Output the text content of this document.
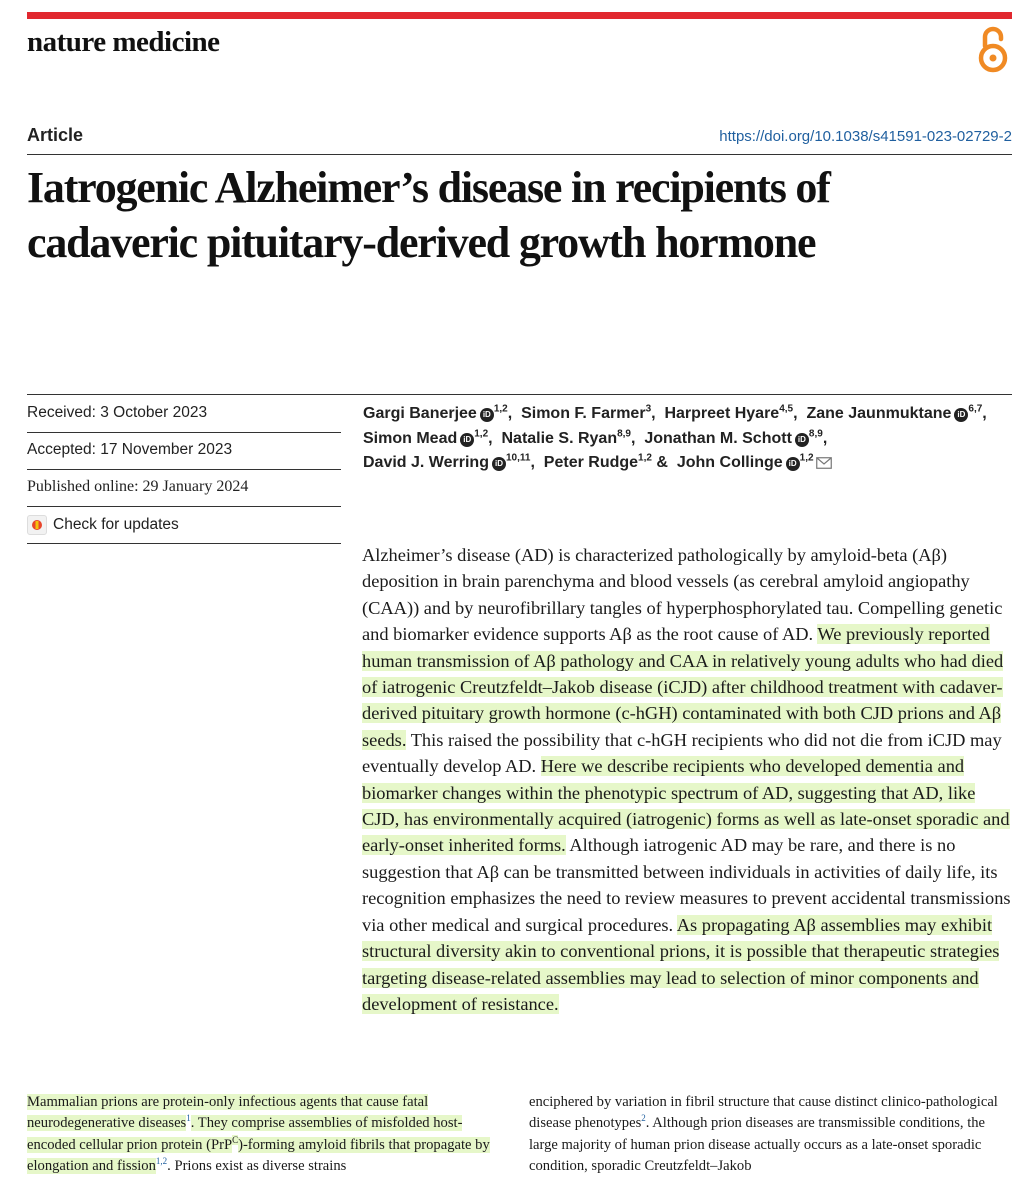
nature medicine
Article	https://doi.org/10.1038/s41591-023-02729-2
Iatrogenic Alzheimer’s disease in recipients of cadaveric pituitary-derived growth hormone
Received: 3 October 2023
Accepted: 17 November 2023
Published online: 29 January 2024
Check for updates
Gargi Banerjee iD $^{1,2}$,  Simon F. Farmer$^3$,  Harpreet Hyare$^{4,5}$,  Zane Jaunmuktane iD $^{6,7}$,  Simon Mead iD $^{1,2}$,  Natalie S. Ryan$^{8,9}$,  Jonathan M. Schott iD $^{8,9}$,  David J. Werring iD $^{10,11}$,  Peter Rudge$^{1,2}$ &  John Collinge iD $^{1,2}$

Alzheimer’s disease (AD) is characterized pathologically by amyloid-beta (Aβ) deposition in brain parenchyma and blood vessels (as cerebral amyloid angiopathy (CAA)) and by neurofibrillary tangles of hyperphosphorylated tau. Compelling genetic and biomarker evidence supports Aβ as the root cause of AD. We previously reported human transmission of Aβ pathology and CAA in relatively young adults who had died of iatrogenic Creutzfeldt–Jakob disease (iCJD) after childhood treatment with cadaver-derived pituitary growth hormone (c-hGH) contaminated with both CJD prions and Aβ seeds. This raised the possibility that c-hGH recipients who did not die from iCJD may eventually develop AD. Here we describe recipients who developed dementia and biomarker changes within the phenotypic spectrum of AD, suggesting that AD, like CJD, has environmentally acquired (iatrogenic) forms as well as late-onset sporadic and early-onset inherited forms. Although iatrogenic AD may be rare, and there is no suggestion that Aβ can be transmitted between individuals in activities of daily life, its recognition emphasizes the need to review measures to prevent accidental transmissions via other medical and surgical procedures. As propagating Aβ assemblies may exhibit structural diversity akin to conventional prions, it is possible that therapeutic strategies targeting disease-related assemblies may lead to selection of minor components and development of resistance.

Mammalian prions are protein-only infectious agents that cause fatal neurodegenerative diseases$^1$. They comprise assemblies of misfolded host-encoded cellular prion protein (PrP$^C$)-forming amyloid fibrils that propagate by elongation and fission$^{1,2}$. Prions exist as diverse strains

enciphered by variation in fibril structure that cause distinct clinico-pathological disease phenotypes$^2$. Although prion diseases are transmissible conditions, the large majority of human prion disease actually occurs as a late-onset sporadic condition, sporadic Creutzfeldt–Jakob
